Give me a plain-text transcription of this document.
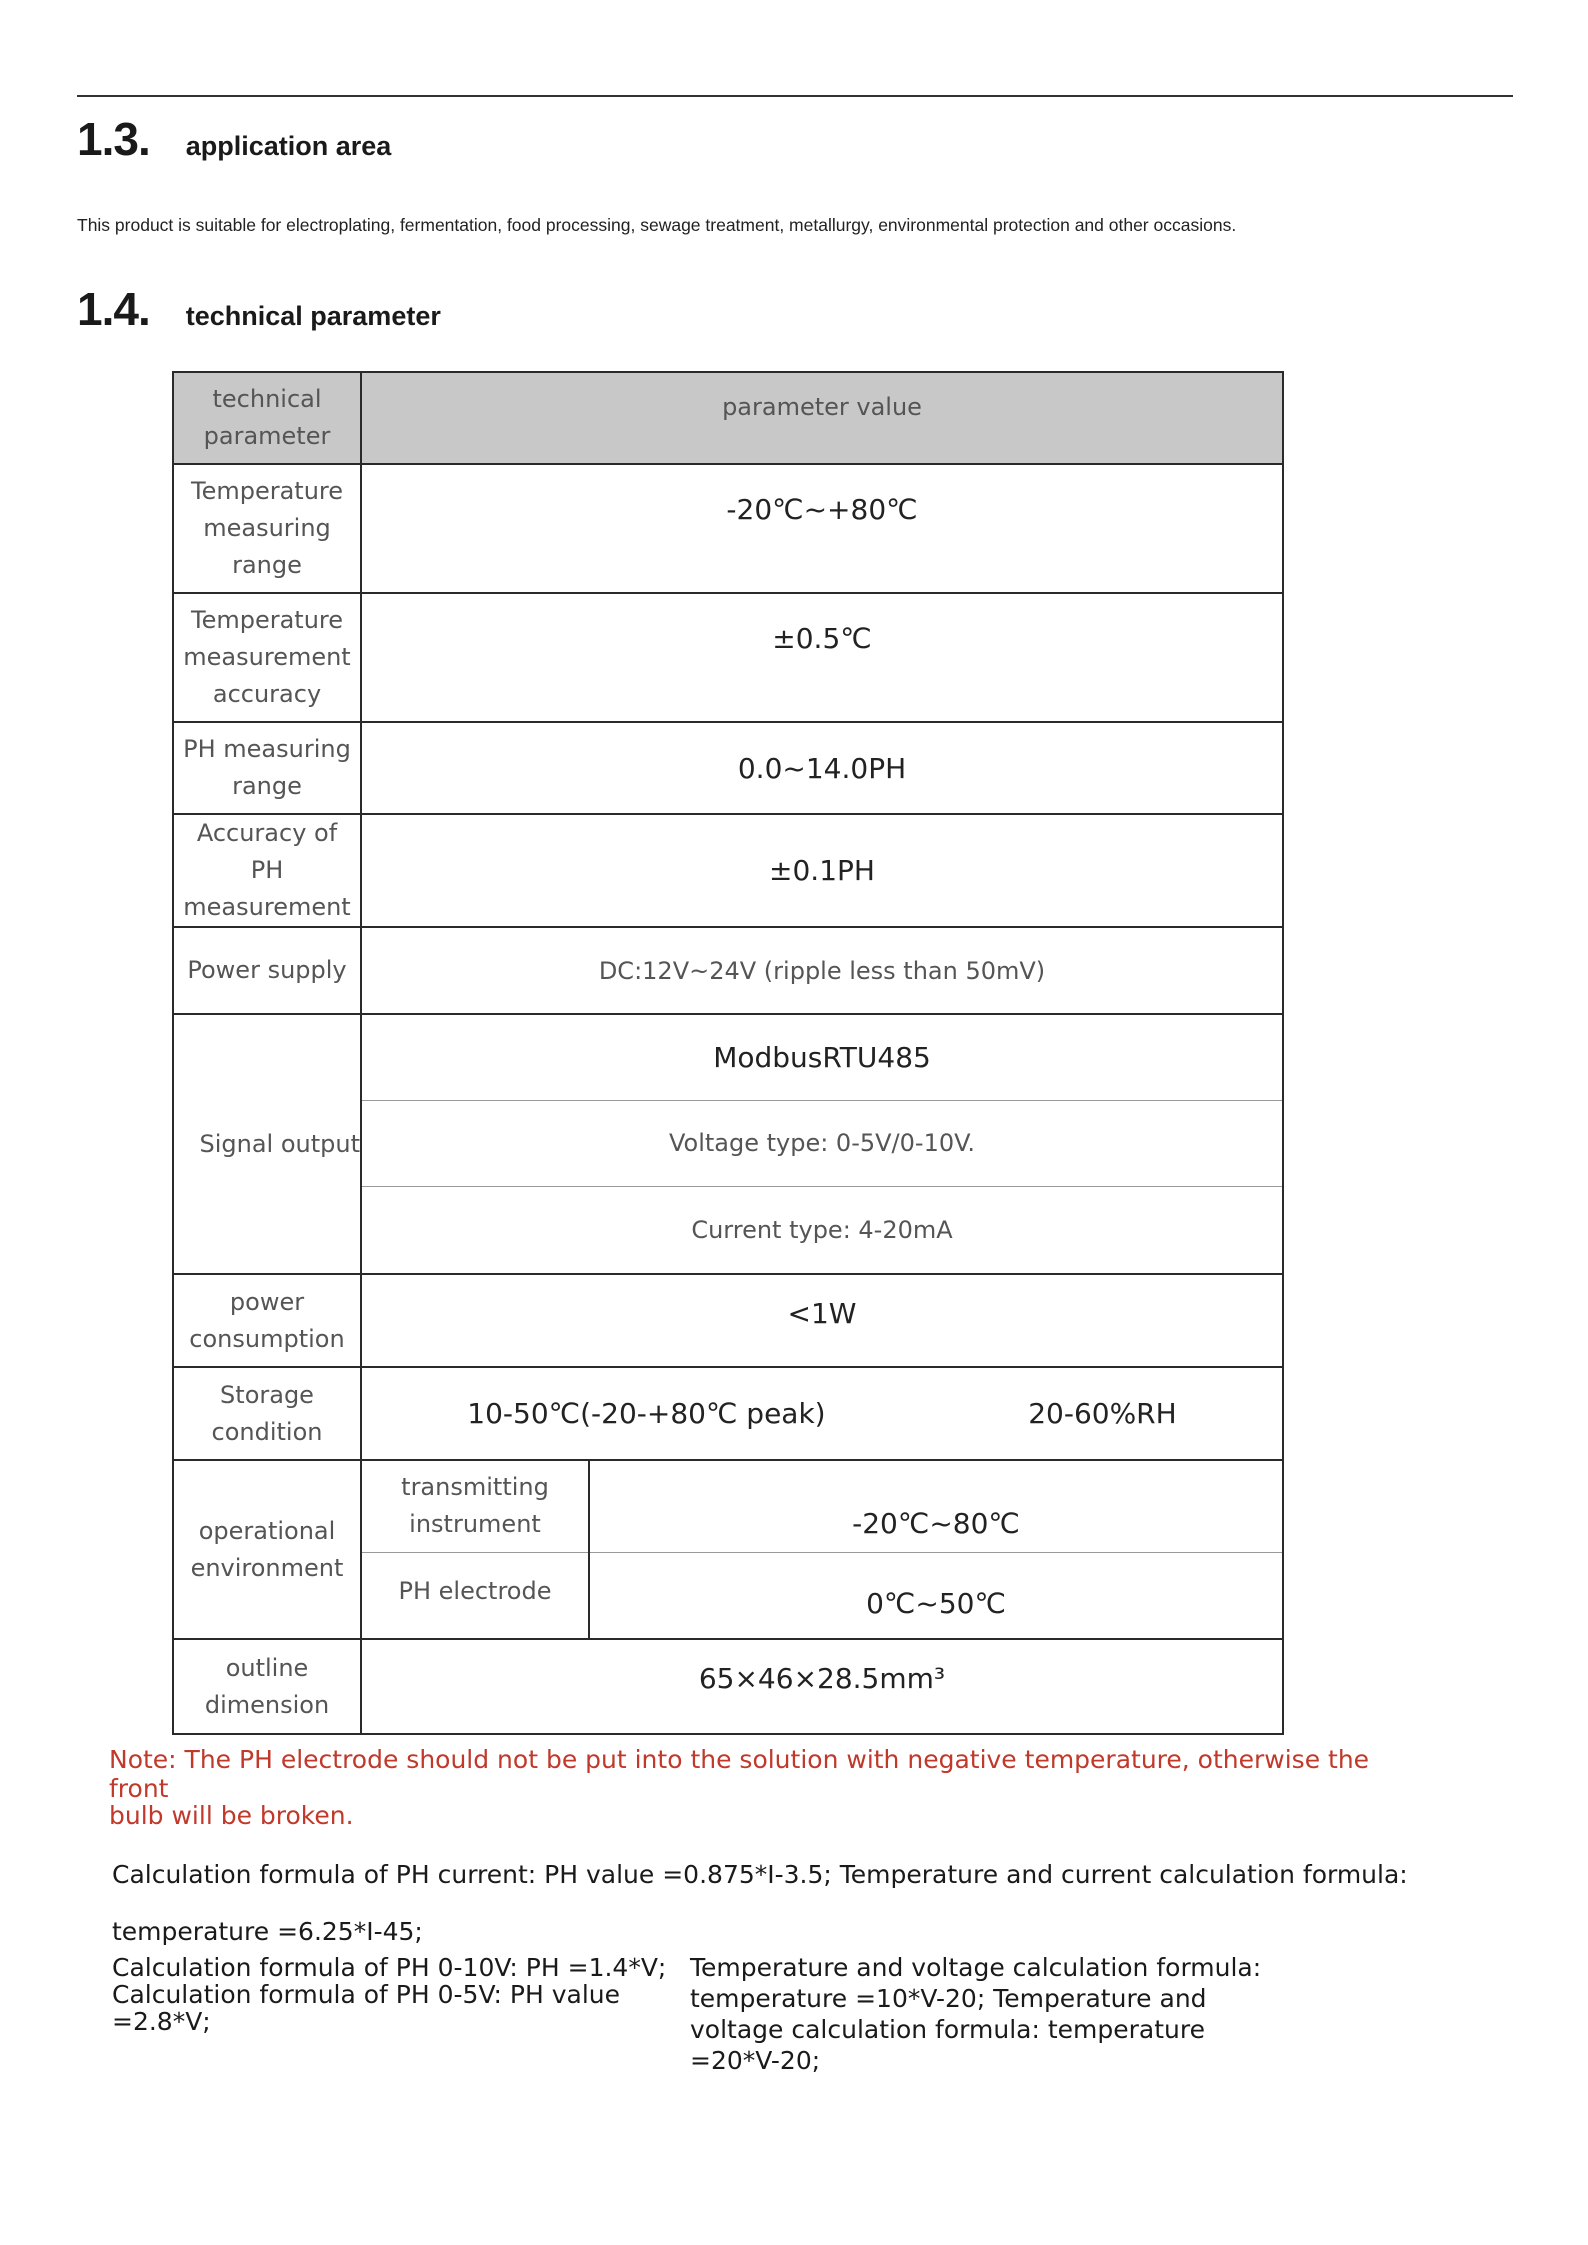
1.3. application area
This product is suitable for electroplating, fermentation, food processing, sewage treatment, metallurgy, environmental protection and other occasions.
1.4. technical parameter
technical parameter	parameter value	
Temperature measuring range	-20℃~+80℃	
Temperature measurement accuracy	±0.5℃	
PH measuring range	0.0~14.0PH	
Accuracy of PH measurement	±0.1PH	
Power supply	DC:12V~24V (ripple less than 50mV)	
Signal output	ModbusRTU485	
	Voltage type: 0-5V/0-10V.	
	Current type: 4-20mA	
power consumption	<1W	
Storage condition	10-50℃(-20-+80℃ peak) 20-60%RH	

operational environment	transmitting instrument	-20℃~80℃
	PH electrode	0℃~50℃
outline dimension	65×46×28.5mm³	
Note: The PH electrode should not be put into the solution with negative temperature, otherwise the front
bulb will be broken.
Calculation formula of PH current: PH value =0.875*I-3.5; Temperature and current calculation formula:
temperature =6.25*I-45;
Calculation formula of PH 0-10V: PH =1.4*V;
Calculation formula of PH 0-5V: PH value
=2.8*V;
Temperature and voltage calculation formula:
temperature =10*V-20; Temperature and
voltage calculation formula: temperature
=20*V-20;
